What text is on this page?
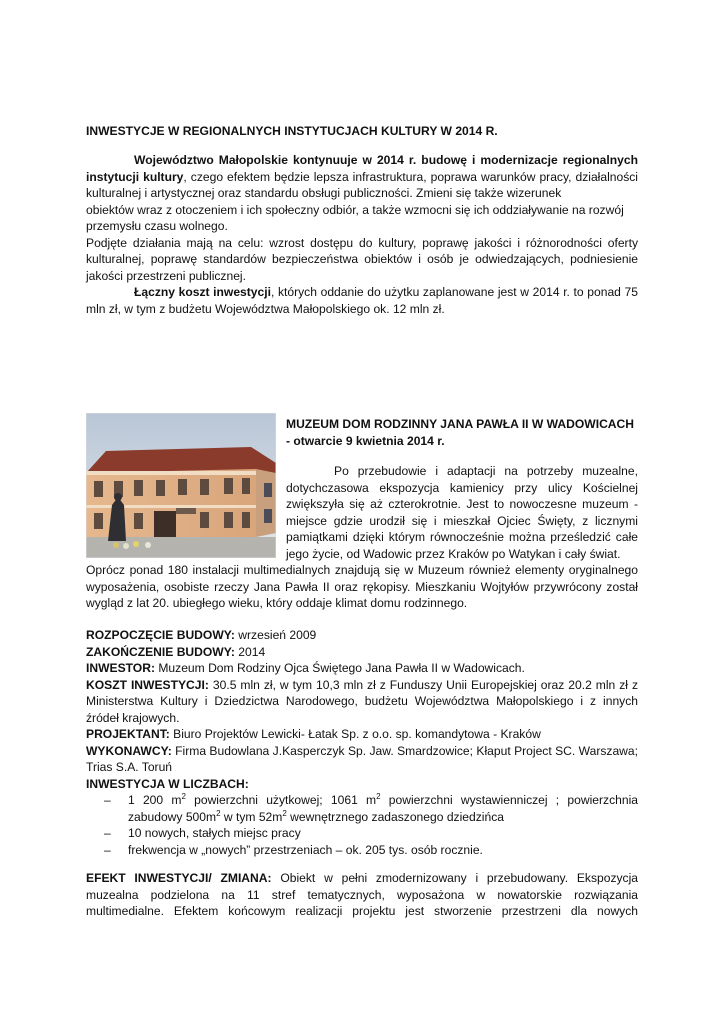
INWESTYCJE W REGIONALNYCH INSTYTUCJACH KULTURY W 2014 R.

Województwo Małopolskie kontynuuje w 2014 r. budowę i modernizacje regionalnych

instytucji kultury, czego efektem będzie lepsza infrastruktura, poprawa warunków pracy, działalności

kulturalnej i artystycznej oraz standardu obsługi publiczności. Zmieni się także wizerunek

obiektów wraz z otoczeniem i ich społeczny odbiór, a także wzmocni się ich oddziaływanie na rozwój

przemysłu czasu wolnego.

Podjęte działania mają na celu: wzrost dostępu do kultury, poprawę jakości i różnorodności oferty kulturalnej, poprawę standardów bezpieczeństwa obiektów i osób je odwiedzających, podniesienie jakości przestrzeni publicznej.

Łączny koszt inwestycji, których oddanie do użytku zaplanowane jest w 2014 r. to ponad 75 mln zł, w tym z budżetu Województwa Małopolskiego ok. 12 mln zł.

MUZEUM DOM RODZINNY JANA PAWŁA II W WADOWICACH - otwarcie 9 kwietnia 2014 r.

Po przebudowie i adaptacji na potrzeby muzealne, dotychczasowa ekspozycja kamienicy przy ulicy Kościelnej zwiększyła się aż czterokrotnie. Jest to nowoczesne muzeum - miejsce gdzie urodził się i mieszkał Ojciec Święty, z licznymi pamiątkami dzięki którym równocześnie można prześledzić całe jego życie, od Wadowic przez Kraków po Watykan i cały świat.

Oprócz ponad 180 instalacji multimedialnych znajdują się w Muzeum również elementy oryginalnego wyposażenia, osobiste rzeczy Jana Pawła II oraz rękopisy. Mieszkaniu Wojtyłów przywrócony został wygląd z lat 20. ubiegłego wieku, który oddaje klimat domu rodzinnego.

ROZPOCZĘCIE BUDOWY: wrzesień 2009

ZAKOŃCZENIE BUDOWY: 2014

INWESTOR: Muzeum Dom Rodziny Ojca Świętego Jana Pawła II w Wadowicach.

KOSZT INWESTYCJI: 30.5 mln zł, w tym 10,3 mln zł z Funduszy Unii Europejskiej oraz 20.2 mln zł z Ministerstwa Kultury i Dziedzictwa Narodowego, budżetu Województwa Małopolskiego i z innych źródeł krajowych.

PROJEKTANT: Biuro Projektów Lewicki- Łatak Sp. z o.o. sp. komandytowa - Kraków

WYKONAWCY: Firma Budowlana J.Kasperczyk Sp. Jaw. Smardzowice; Kłaput Project SC. Warszawa; Trias S.A. Toruń

INWESTYCJA W LICZBACH:

– 1 200 $m^2$ powierzchni użytkowej; 1061 $m^2$ powierzchni wystawienniczej ; powierzchnia zabudowy $500m^2$ w tym $52m^2$ wewnętrznego zadaszonego dziedzińca
– 10 nowych, stałych miejsc pracy
– frekwencja w „nowych” przestrzeniach – ok. 205 tys. osób rocznie.

EFEKT INWESTYCJI/ ZMIANA: Obiekt w pełni zmodernizowany i przebudowany. Ekspozycja muzealna podzielona na 11 stref tematycznych, wyposażona w nowatorskie rozwiązania multimedialne. Efektem końcowym realizacji projektu jest stworzenie przestrzeni dla nowych
